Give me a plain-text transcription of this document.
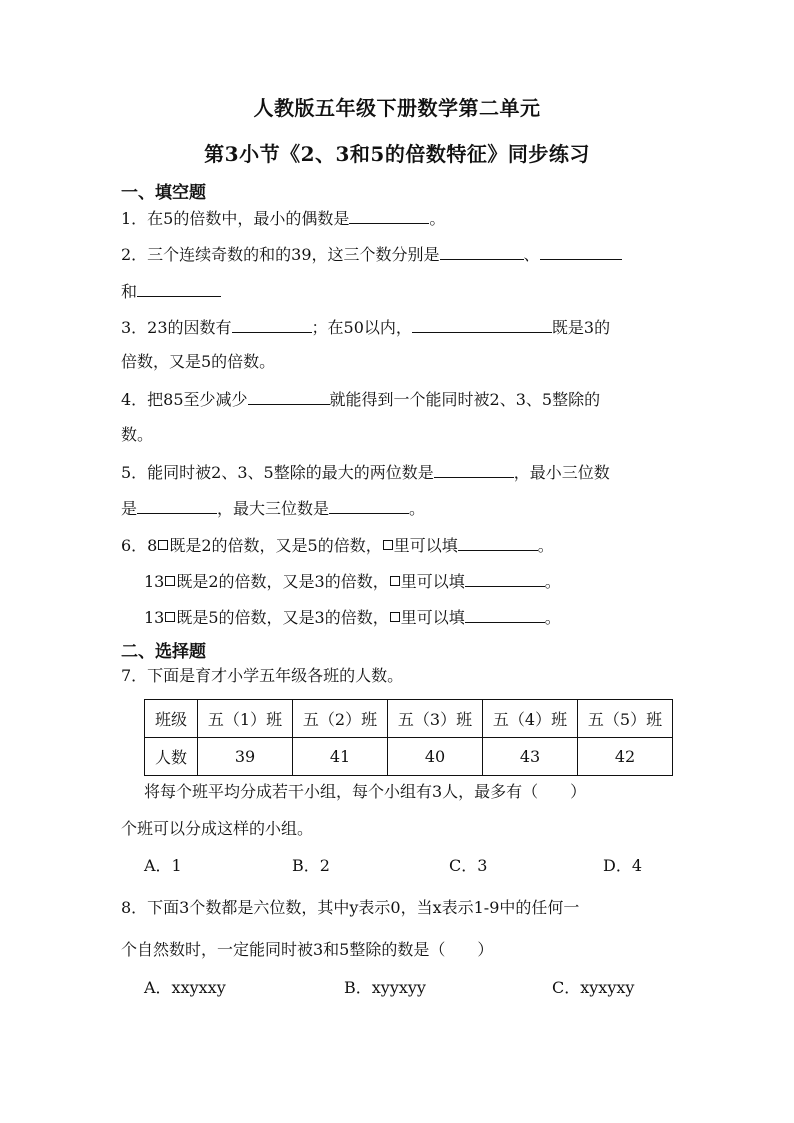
人教版五年级下册数学第二单元
第3小节《2、3和5的倍数特征》同步练习
一、填空题
1．在5的倍数中，最小的偶数是	。
2．三个连续奇数的和的39，这三个数分别是	、
和
3．23的因数有	；在50以内，	既是3的
倍数，又是5的倍数。
4．把85至少减少	就能得到一个能同时被2、3、5整除的
数。
5．能同时被2、3、5整除的最大的两位数是	，最小三位数
是	，最大三位数是	。
6．8 既是2的倍数，又是5的倍数， 里可以填	。
13 既是2的倍数，又是3的倍数， 里可以填	。
13 既是5的倍数，又是3的倍数， 里可以填	。
二、选择题
7．下面是育才小学五年级各班的人数。
班级	五（1）班	五（2）班	五（3）班	五（4）班	五（5）班
人数	39	41	40	43	42
将每个班平均分成若干小组，每个小组有3人，最多有（　　）
个班可以分成这样的小组。
A．1	B．2	C．3	D．4
8．下面3个数都是六位数，其中y表示0，当x表示1-9中的任何一
个自然数时，一定能同时被3和5整除的数是（　　）
A．xxyxxy	B．xyyxyy	C．xyxyxy
